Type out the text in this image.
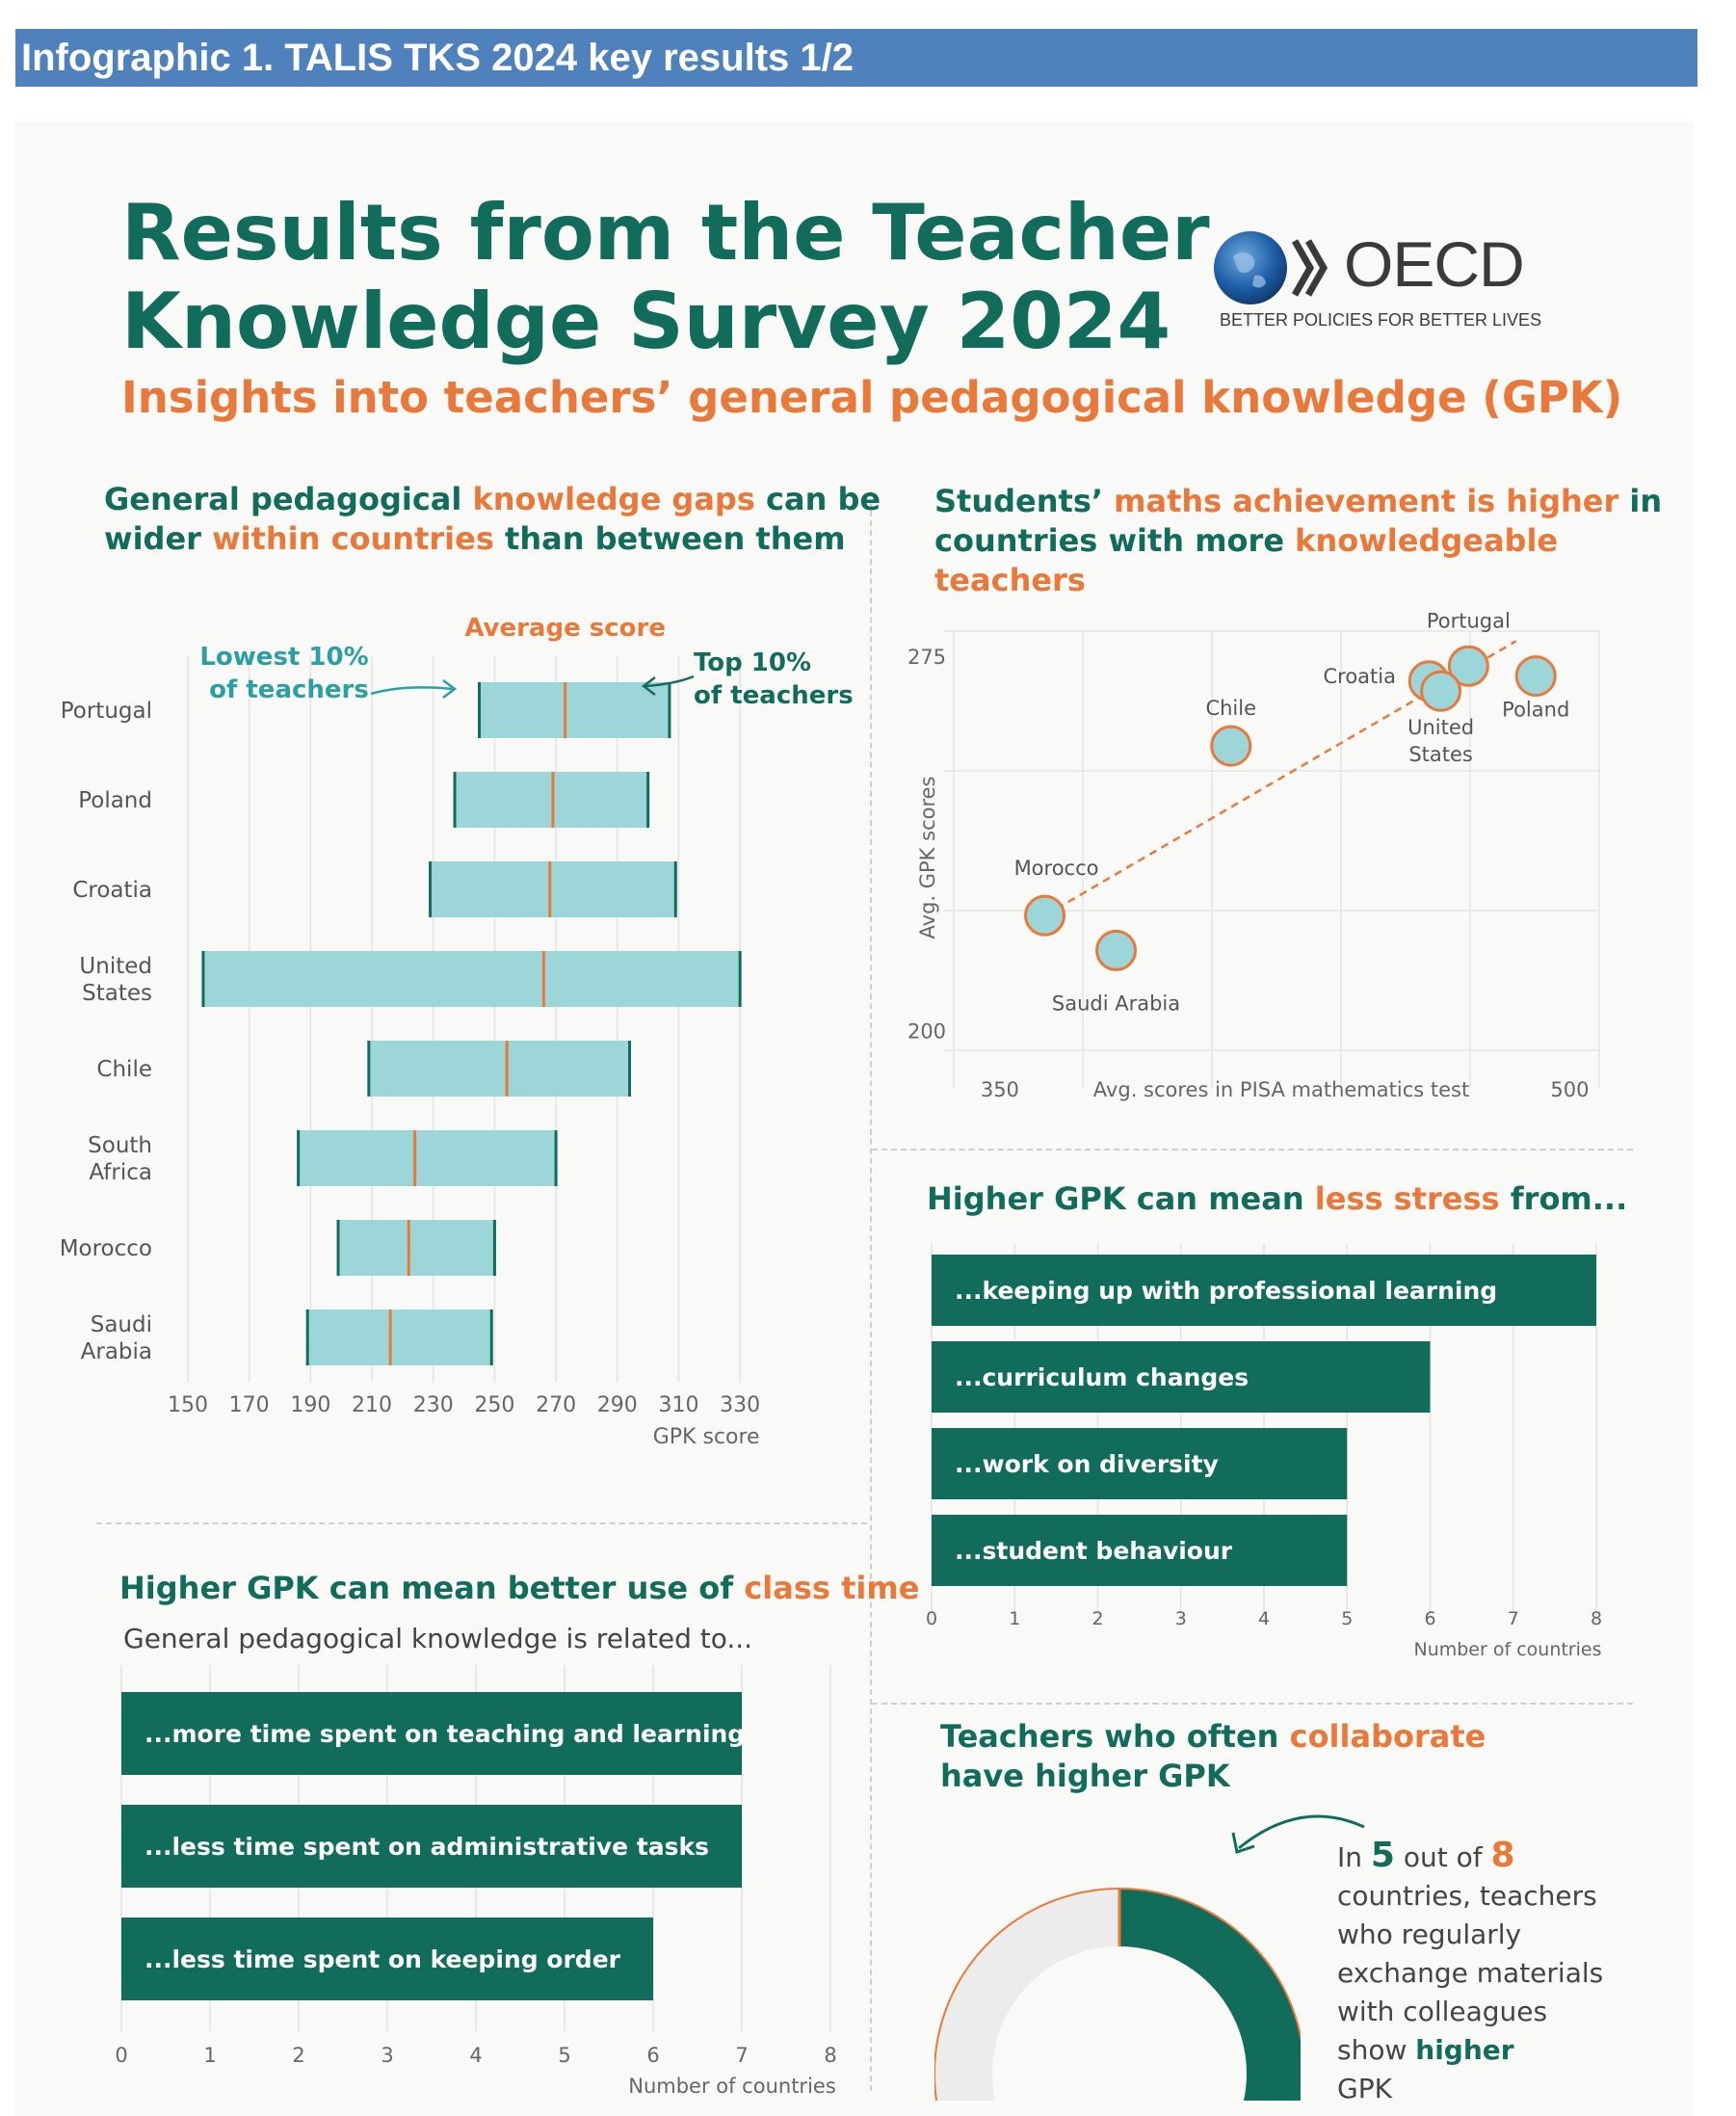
Infographic 1. TALIS TKS 2024 key results 1/2
Results from the Teacher
Knowledge Survey 2024
Insights into teachers’ general pedagogical knowledge (GPK)
OECD
BETTER POLICIES FOR BETTER LIVES
General pedagogical knowledge gaps can be
wider within countries than between them
150 170 190 210 230 250 270 290 310 330
GPK score
Portugal
Poland
Croatia
United
States
Chile
South
Africa
Morocco
Saudi
Arabia
Lowest 10%
of teachers
Average score
Top 10%
of teachers
Students’ maths achievement is higher in
countries with more knowledgeable
teachers
200
275
350	500
Avg. scores in PISA mathematics test
Avg. GPK scores
Portugal
Croatia
United
States
Poland
Chile
Morocco
Saudi Arabia
Higher GPK can mean less stress from...
0	1	2	3	4	5	6	7	8
Number of countries
...keeping up with professional learning
...curriculum changes
...work on diversity
...student behaviour
Higher GPK can mean better use of class time
General pedagogical knowledge is related to...
0	1	2	3	4	5	6	7	8
Number of countries
...more time spent on teaching and learning
...less time spent on administrative tasks
...less time spent on keeping order
Teachers who often collaborate
have higher GPK
In 5 out of 8
countries, teachers
who regularly
exchange materials
with colleagues
show higher
GPK
